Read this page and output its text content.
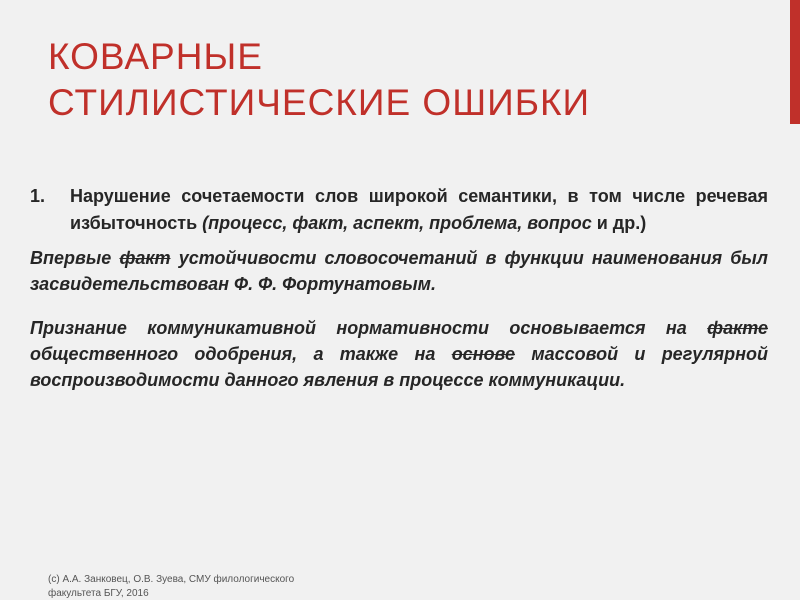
КОВАРНЫЕ
СТИЛИСТИЧЕСКИЕ ОШИБКИ
1.	Нарушение сочетаемости слов широкой семантики, в том числе речевая избыточность (процесс, факт, аспект, проблема, вопрос и др.)

Впервые факт устойчивости словосочетаний в функции наименования был засвидетельствован Ф. Ф. Фортунатовым.

Признание коммуникативной нормативности основывается на факте общественного одобрения, а также на основе массовой и регулярной воспроизводимости данного явления в процессе коммуникации.

(с) А.А. Занковец, О.В. Зуева, СМУ филологического
факультета БГУ, 2016
